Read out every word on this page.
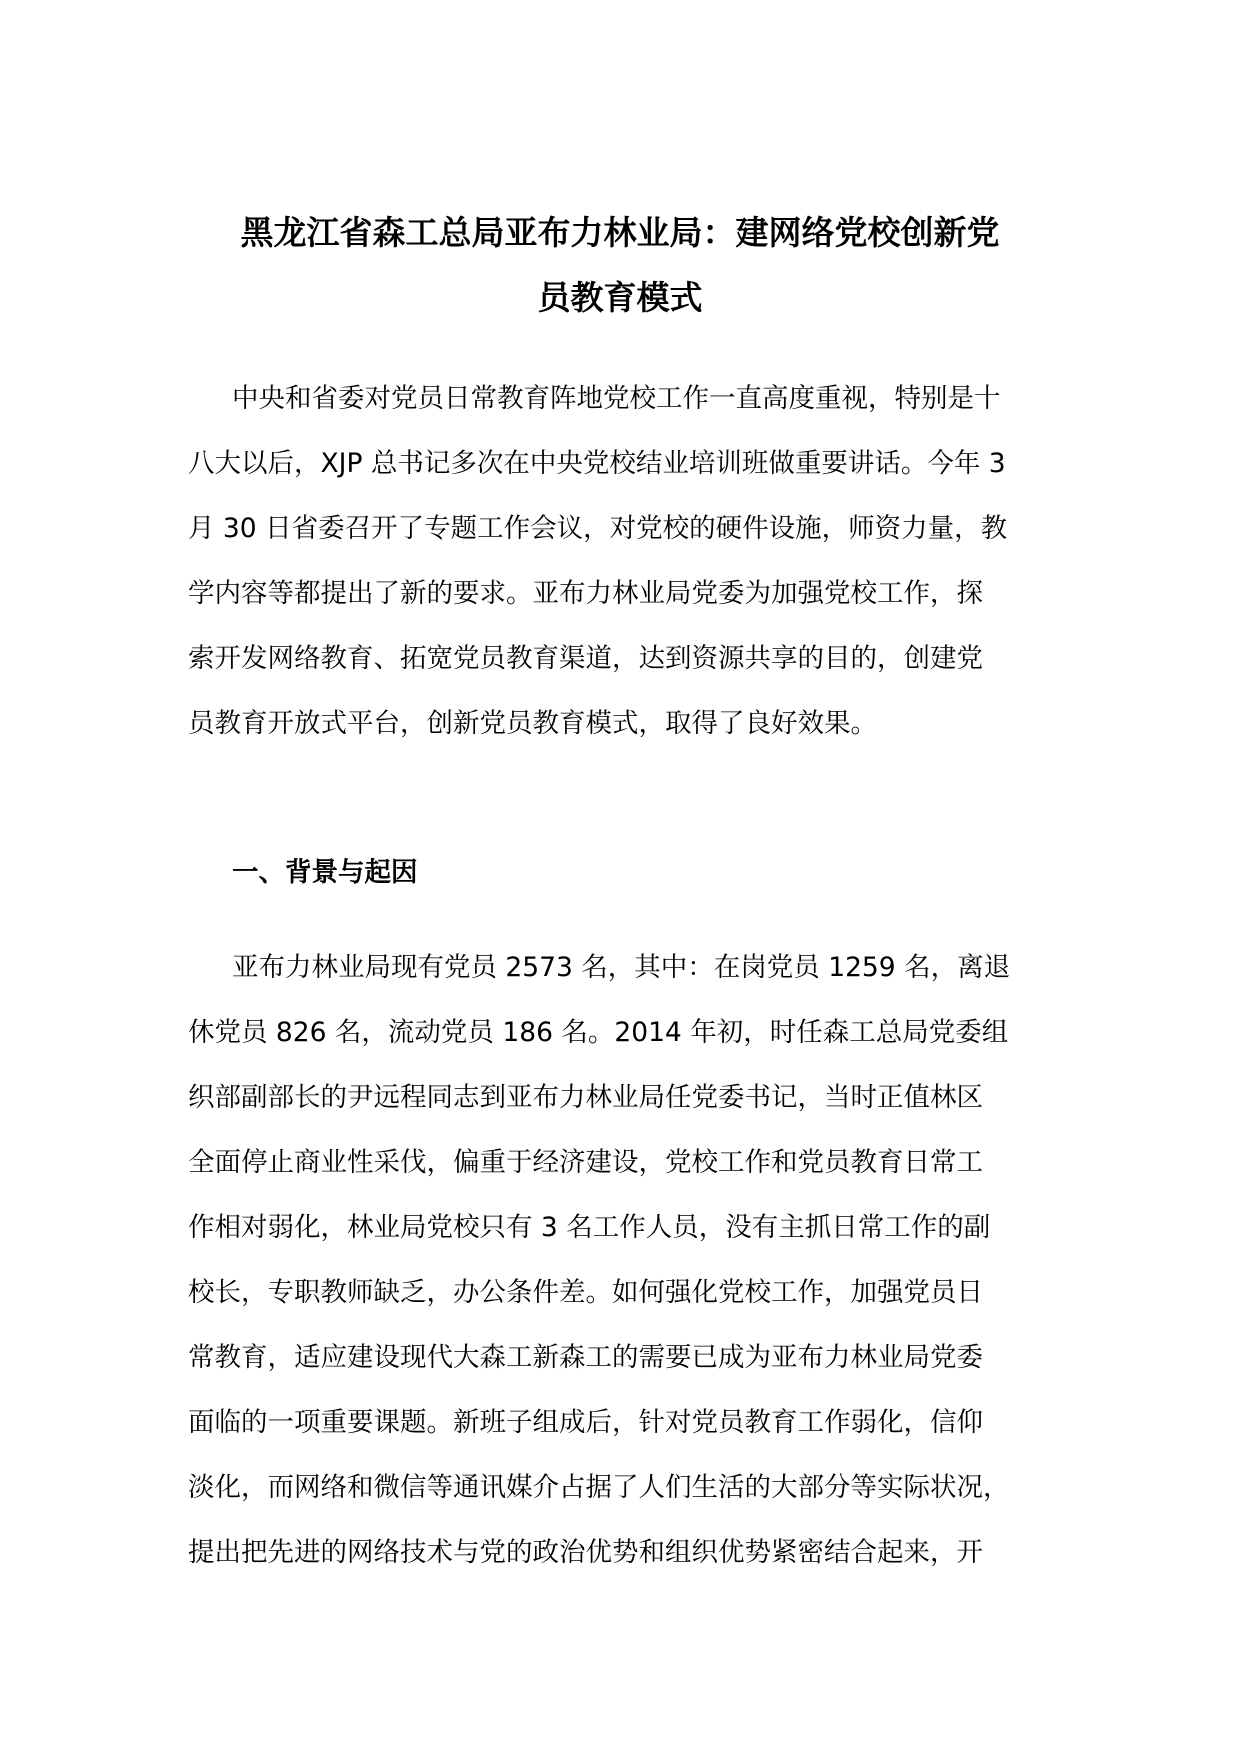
黑龙江省森工总局亚布力林业局：建网络党校创新党
员教育模式

中央和省委对党员日常教育阵地党校工作一直高度重视，特别是十
八大以后，XJP 总书记多次在中央党校结业培训班做重要讲话。今年 3
月 30 日省委召开了专题工作会议，对党校的硬件设施，师资力量，教
学内容等都提出了新的要求。亚布力林业局党委为加强党校工作，探
索开发网络教育、拓宽党员教育渠道，达到资源共享的目的，创建党
员教育开放式平台，创新党员教育模式，取得了良好效果。

一、背景与起因

亚布力林业局现有党员 2573 名，其中：在岗党员 1259 名，离退
休党员 826 名，流动党员 186 名。2014 年初，时任森工总局党委组
织部副部长的尹远程同志到亚布力林业局任党委书记，当时正值林区
全面停止商业性采伐，偏重于经济建设，党校工作和党员教育日常工
作相对弱化，林业局党校只有 3 名工作人员，没有主抓日常工作的副
校长，专职教师缺乏，办公条件差。如何强化党校工作，加强党员日
常教育，适应建设现代大森工新森工的需要已成为亚布力林业局党委
面临的一项重要课题。新班子组成后，针对党员教育工作弱化，信仰
淡化，而网络和微信等通讯媒介占据了人们生活的大部分等实际状况，
提出把先进的网络技术与党的政治优势和组织优势紧密结合起来，开
